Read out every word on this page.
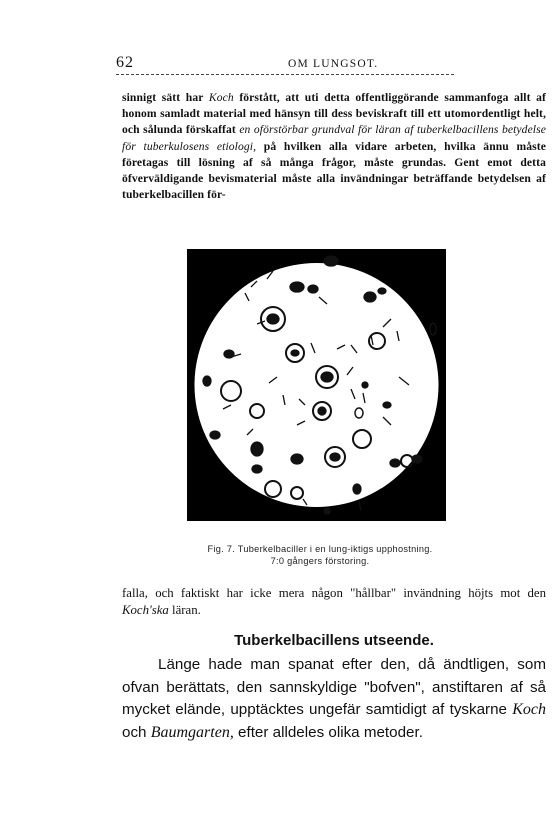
62	OM LUNGSOT.

sinnigt sätt har Koch förstått, att uti detta offentliggörande sammanfoga allt af honom samladt material med hänsyn till dess beviskraft till ett utomordentligt helt, och sålunda förskaffat en oförstörbar grundval för läran af tuberkelbacillens betydelse för tuberkulosens etiologi, på hvilken alla vidare arbeten, hvilka ännu måste företagas till lösning af så många frågor, måste grundas. Gent emot detta öfverväldigande bevismaterial måste alla invändningar beträffande betydelsen af tuberkelbacillen för-

Fig. 7. Tuberkelbaciller i en lung-iktigs upphostning.
7:0 gångers förstoring.

falla, och faktiskt har icke mera någon "hållbar" invändning höjts mot den Koch'ska läran.

Tuberkelbacillens utseende.

Länge hade man spanat efter den, då ändtligen, som ofvan berättats, den sannskyldige "bofven", anstiftaren af så mycket elände, upptäcktes ungefär samtidigt af tyskarne Koch och Baumgarten, efter alldeles olika metoder.
